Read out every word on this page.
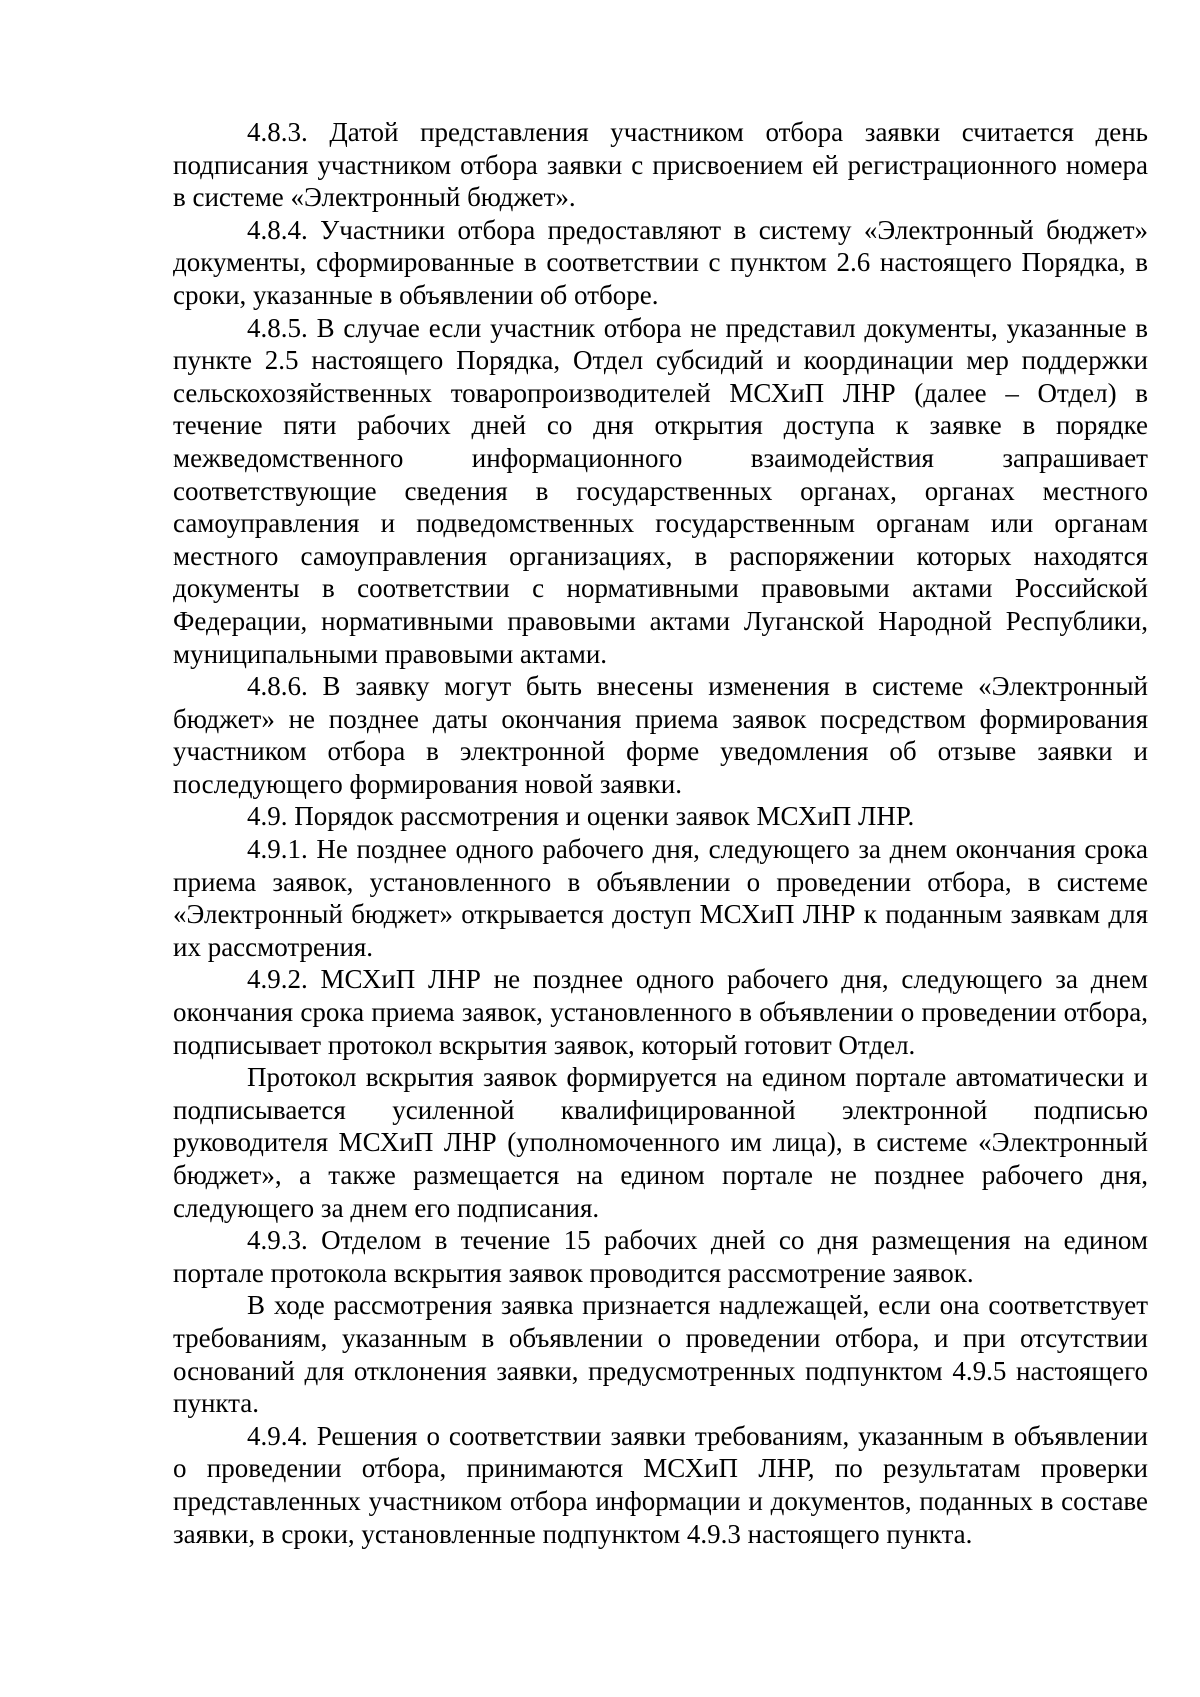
4.8.3. Датой представления участником отбора заявки считается день подписания участником отбора заявки с присвоением ей регистрационного номера в системе «Электронный бюджет».

4.8.4. Участники отбора предоставляют в систему «Электронный бюджет» документы, сформированные в соответствии с пунктом 2.6 настоящего Порядка, в сроки, указанные в объявлении об отборе.

4.8.5. В случае если участник отбора не представил документы, указанные в пункте 2.5 настоящего Порядка, Отдел субсидий и координации мер поддержки сельскохозяйственных товаропроизводителей МСХиП ЛНР (далее – Отдел) в течение пяти рабочих дней со дня открытия доступа к заявке в порядке межведомственного информационного взаимодействия запрашивает соответствующие сведения в государственных органах, органах местного самоуправления и подведомственных государственным органам или органам местного самоуправления организациях, в распоряжении которых находятся документы в соответствии с нормативными правовыми актами Российской Федерации, нормативными правовыми актами Луганской Народной Республики, муниципальными правовыми актами.

4.8.6. В заявку могут быть внесены изменения в системе «Электронный бюджет» не позднее даты окончания приема заявок посредством формирования участником отбора в электронной форме уведомления об отзыве заявки и последующего формирования новой заявки.

4.9. Порядок рассмотрения и оценки заявок МСХиП ЛНР.

4.9.1. Не позднее одного рабочего дня, следующего за днем окончания срока приема заявок, установленного в объявлении о проведении отбора, в системе «Электронный бюджет» открывается доступ МСХиП ЛНР к поданным заявкам для их рассмотрения.

4.9.2. МСХиП ЛНР не позднее одного рабочего дня, следующего за днем окончания срока приема заявок, установленного в объявлении о проведении отбора, подписывает протокол вскрытия заявок, который готовит Отдел.

Протокол вскрытия заявок формируется на едином портале автоматически и подписывается усиленной квалифицированной электронной подписью руководителя МСХиП ЛНР (уполномоченного им лица), в системе «Электронный бюджет», а также размещается на едином портале не позднее рабочего дня, следующего за днем его подписания.

4.9.3. Отделом в течение 15 рабочих дней со дня размещения на едином портале протокола вскрытия заявок проводится рассмотрение заявок.

В ходе рассмотрения заявка признается надлежащей, если она соответствует требованиям, указанным в объявлении о проведении отбора, и при отсутствии оснований для отклонения заявки, предусмотренных подпунктом 4.9.5 настоящего пункта.

4.9.4. Решения о соответствии заявки требованиям, указанным в объявлении о проведении отбора, принимаются МСХиП ЛНР, по результатам проверки представленных участником отбора информации и документов, поданных в составе заявки, в сроки, установленные подпунктом 4.9.3 настоящего пункта.
